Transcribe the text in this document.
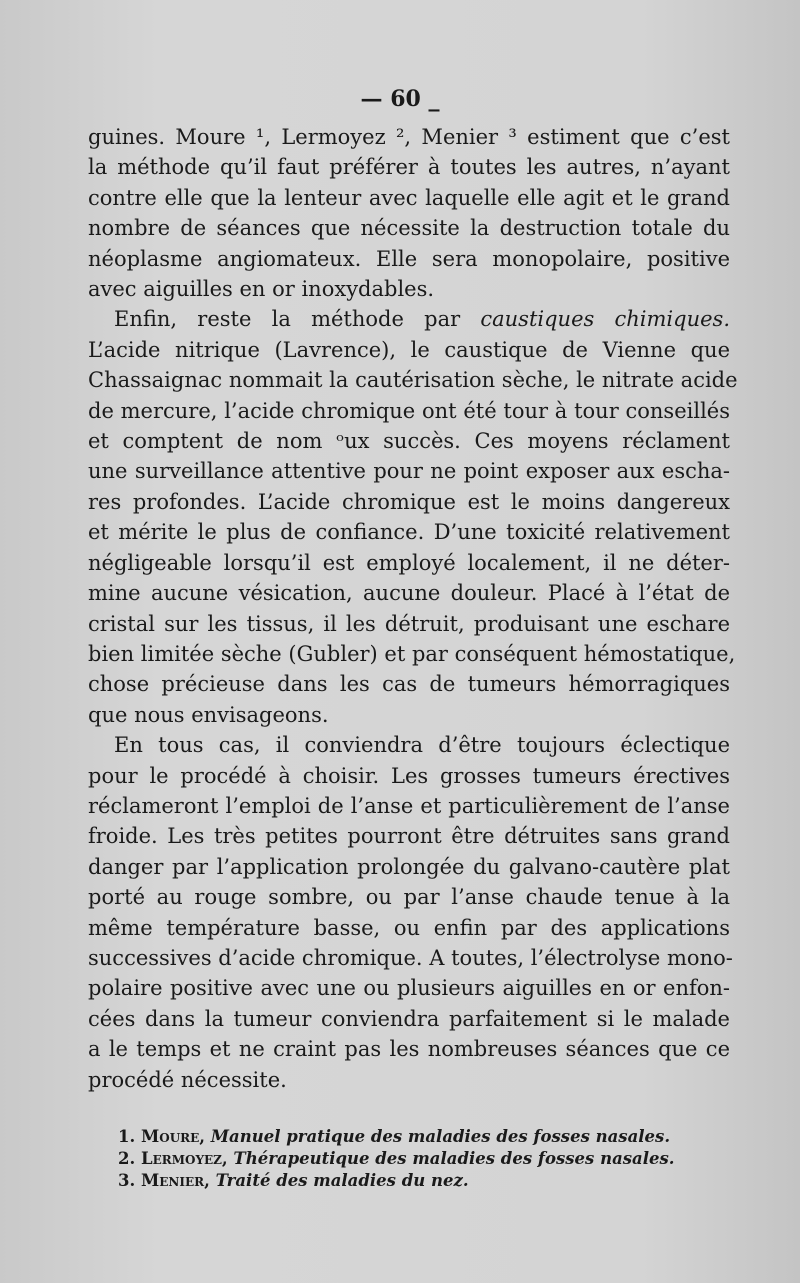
— 60 _
guines. Moure ¹, Lermoyez ², Menier ³ estiment que c’est
la méthode qu’il faut préférer à toutes les autres, n’ayant
contre elle que la lenteur avec laquelle elle agit et le grand
nombre de séances que nécessite la destruction totale du
néoplasme angiomateux. Elle sera monopolaire, positive
avec aiguilles en or inoxydables.
Enfin, reste la méthode par caustiques chimiques.
L’acide nitrique (Lavrence), le caustique de Vienne que
Chassaignac nommait la cautérisation sèche, le nitrate acide
de mercure, l’acide chromique ont été tour à tour conseillés
et comptent de nom ᵒux succès. Ces moyens réclament
une surveillance attentive pour ne point exposer aux escha-
res profondes. L’acide chromique est le moins dangereux
et mérite le plus de confiance. D’une toxicité relativement
négligeable lorsqu’il est employé localement, il ne déter-
mine aucune vésication, aucune douleur. Placé à l’état de
cristal sur les tissus, il les détruit, produisant une eschare
bien limitée sèche (Gubler) et par conséquent hémostatique,
chose précieuse dans les cas de tumeurs hémorragiques
que nous envisageons.
En tous cas, il conviendra d’être toujours éclectique
pour le procédé à choisir. Les grosses tumeurs érectives
réclameront l’emploi de l’anse et particulièrement de l’anse
froide. Les très petites pourront être détruites sans grand
danger par l’application prolongée du galvano-cautère plat
porté au rouge sombre, ou par l’anse chaude tenue à la
même température basse, ou enfin par des applications
successives d’acide chromique. A toutes, l’électrolyse mono-
polaire positive avec une ou plusieurs aiguilles en or enfon-
cées dans la tumeur conviendra parfaitement si le malade
a le temps et ne craint pas les nombreuses séances que ce
procédé nécessite.
1. Moure, Manuel pratique des maladies des fosses nasales.
2. Lermoyez, Thérapeutique des maladies des fosses nasales.
3. Menier, Traité des maladies du nez.
